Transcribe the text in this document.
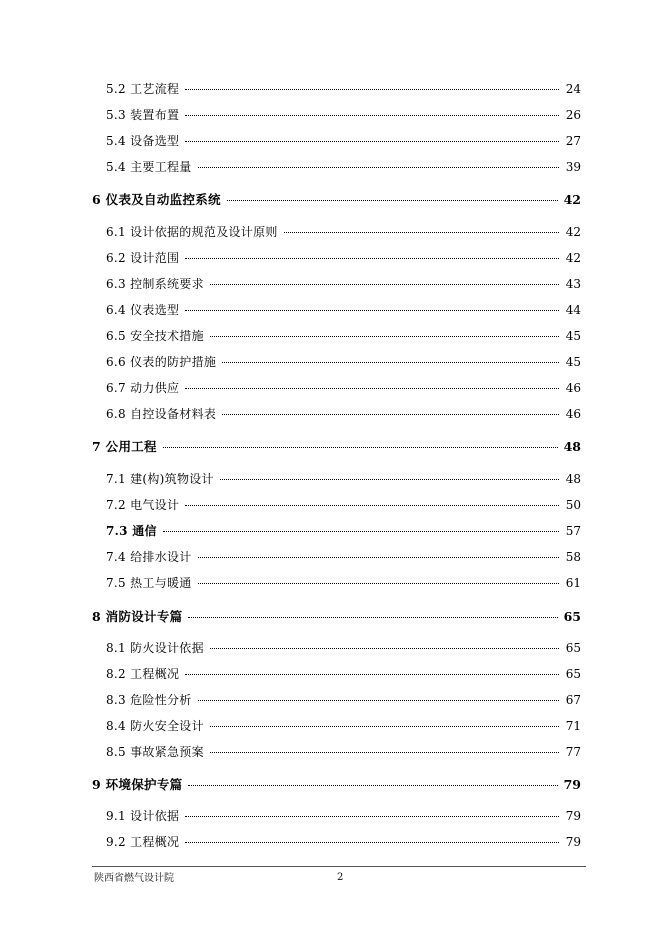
5.2 工艺流程	24
5.3 装置布置	26
5.4 设备选型	27
5.4 主要工程量	39
6 仪表及自动监控系统	42
6.1 设计依据的规范及设计原则	42
6.2 设计范围	42
6.3 控制系统要求	43
6.4 仪表选型	44
6.5 安全技术措施	45
6.6 仪表的防护措施	45
6.7 动力供应	46
6.8 自控设备材料表	46
7 公用工程	48
7.1 建(构)筑物设计	48
7.2 电气设计	50
7.3 通信	57
7.4 给排水设计	58
7.5 热工与暖通	61
8 消防设计专篇	65
8.1 防火设计依据	65
8.2 工程概况	65
8.3 危险性分析	67
8.4 防火安全设计	71
8.5 事故紧急预案	77
9 环境保护专篇	79
9.1 设计依据	79
9.2 工程概况	79
陕西省燃气设计院	2
